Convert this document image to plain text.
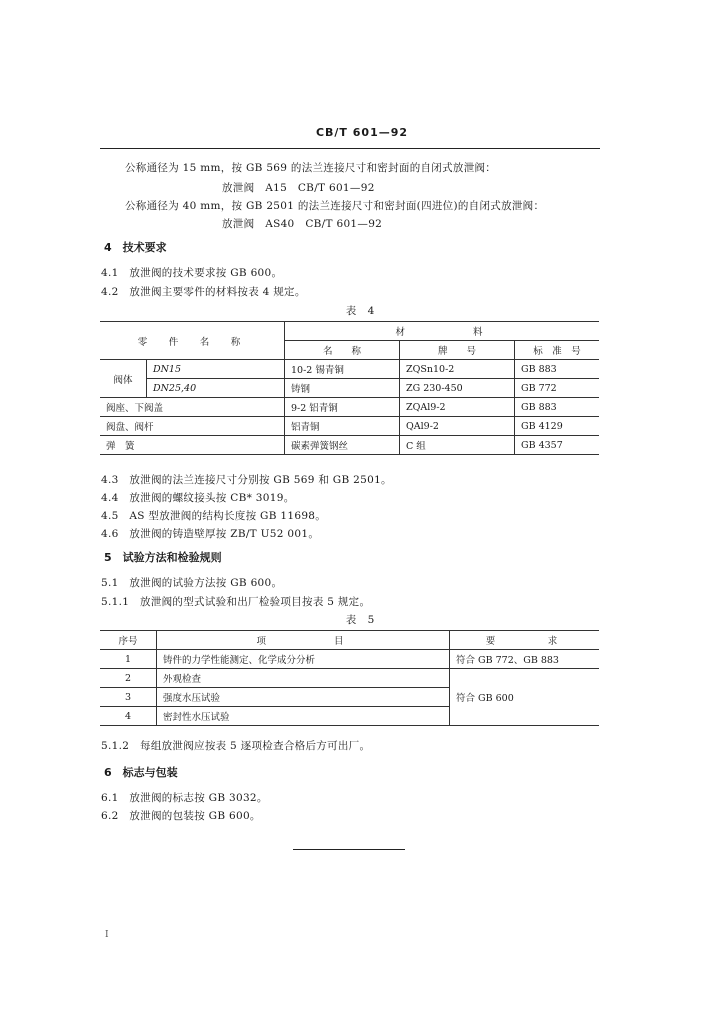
CB/T 601—92
公称通径为 15 mm，按 GB 569 的法兰连接尺寸和密封面的自闭式放泄阀：
放泄阀　A15　CB/T 601—92
公称通径为 40 mm，按 GB 2501 的法兰连接尺寸和密封面(四进位)的自闭式放泄阀：
放泄阀　AS40　CB/T 601—92
4　技术要求
4.1　放泄阀的技术要求按 GB 600。
4.2　放泄阀主要零件的材料按表 4 规定。
表 4
零　件　名　称		材　　　　料		
		名　　称	牌　　号	标　准　号
阀体	DN15	10-2 锡青铜	ZQSn10-2	GB 883
	DN25,40	铸钢	ZG 230-450	GB 772
阀座、下阀盖		9-2 铝青铜	ZQAl9-2	GB 883
阀盘、阀杆		铝青铜	QAl9-2	GB 4129
弹　簧		碳素弹簧钢丝	C 组	GB 4357
4.3　放泄阀的法兰连接尺寸分别按 GB 569 和 GB 2501。
4.4　放泄阀的螺纹接头按 CB* 3019。
4.5　AS 型放泄阀的结构长度按 GB 11698。
4.6　放泄阀的铸造壁厚按 ZB/T U52 001。
5　试验方法和检验规则
5.1　放泄阀的试验方法按 GB 600。
5.1.1　放泄阀的型式试验和出厂检验项目按表 5 规定。
表 5
序号	项　　　　目	要　　　求
1	铸件的力学性能测定、化学成分分析	符合 GB 772、GB 883
2	外观检查	符合 GB 600
3	强度水压试验	
4	密封性水压试验	
5.1.2　每组放泄阀应按表 5 逐项检查合格后方可出厂。
6　标志与包装
6.1　放泄阀的标志按 GB 3032。
6.2　放泄阀的包装按 GB 600。
I
